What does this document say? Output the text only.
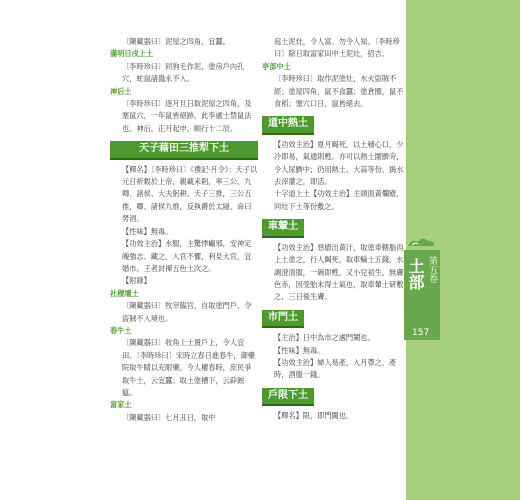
土部 第五卷
157

〔陳藏器曰〕泥屋之四角，宜蠶。

滿明日戌上土

〔李時珍曰〕同狗毛作泥，塗房戶內孔穴，蛇鼠諸蟲永不入。

神后土

〔李時珍曰〕逐月旦日取泥屋之四角，及塞鼠穴，一年鼠皆絕跡，此李處士禁鼠法也。神后，正月起申，順行十二辰。

天子藉田三推犁下土

【釋名】〔李時珍曰〕《禮記·月令》：天子以元日祈穀於上帝，親載耒耜，率三公、九卿、諸侯、大夫躬耕。天子三推，三公五推，卿、諸侯九推，反執爵於太寢，命曰勞酒。

【性味】無毒。

【功效主治】水服，主驚悸癲邪，安神定魄強志。藏之，入官不懼，利見大官，宜婚市。王者封禪五色土次之。

【附錄】

社稷壇土

〔陳藏器曰〕牧宰臨官，自取塗門戶，令盜賊不入境也。

春牛土

〔陳藏器曰〕收角上土置戶上，令人宜田。〔李時珍曰〕宋時立春日進春牛，御藥院取牛睛以充眼藥。今人權春時，庶民爭取牛土，云宜蠶；取土塗槽下，云辟蝕瘟。

富家土

〔陳藏器曰〕七月丑日，取中

庭土泥灶，令人富。勿令人知。〔李時珍曰〕除日取富家田中土泥灶，招吉。

亭部中土

〔李時珍曰〕取作泥塗灶，水火盜賊不經；塗屋四角，鼠不食蠶；塗倉圈，鼠不食稻；塞穴口日，鼠皆絕去。

道中熱土

【功效主治】夏月暍死，以土積心口，少冷即易，氣通則甦。亦可以熱土圍臍旁，令人尿臍中；仍用熱土、大蒜等份，搗水去滓灌之，即活。

十字道上土【功效主治】主頭面黃爛瘡，同灶下土等份敷之。

車輦土

【功效主治】惡瘡出黃汁，取塗車轄脂肉上土塗之，行人暍死，取車輪土五錢，水調澄清服，一碗即甦。又小兒初生，無膚色赤，因受胎未得土氣也，取車輦土研敷之，三日後生膚。

市門土

【主治】日中為市之處門閾也。

【性味】無毒。

【功效主治】婦人易產，入月帶之，產時，酒服一錢。

戶限下土

【釋名】限，即門閾也。
